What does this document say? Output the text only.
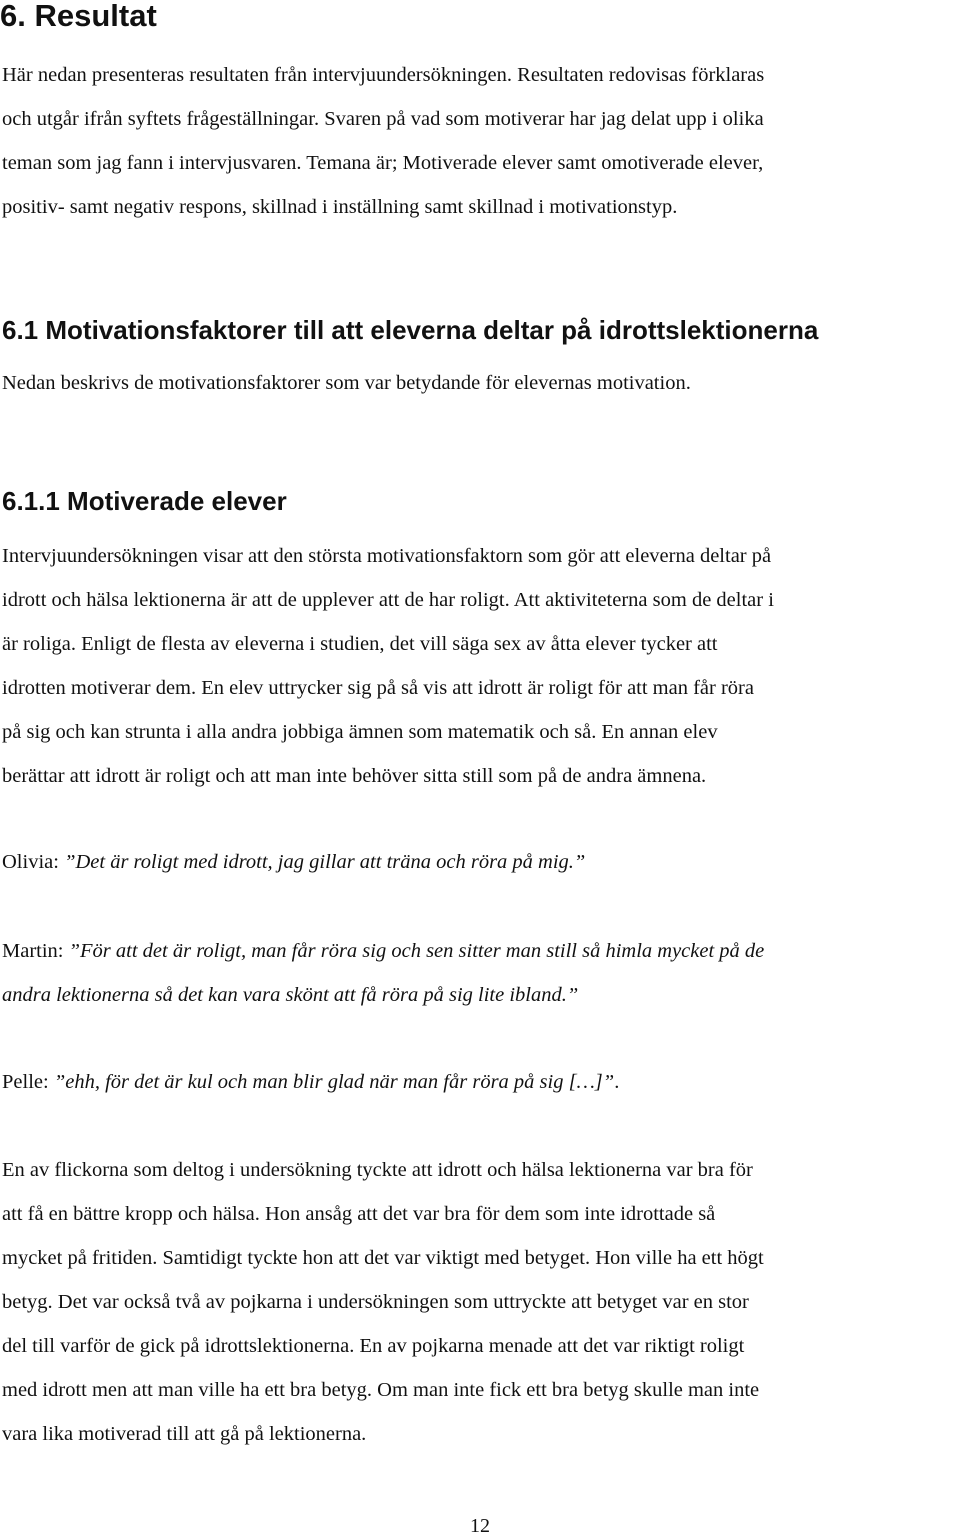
6. Resultat
Här nedan presenteras resultaten från intervjuundersökningen. Resultaten redovisas förklaras
och utgår ifrån syftets frågeställningar. Svaren på vad som motiverar har jag delat upp i olika
teman som jag fann i intervjusvaren. Temana är; Motiverade elever samt omotiverade elever,
positiv- samt negativ respons, skillnad i inställning samt skillnad i motivationstyp.
6.1 Motivationsfaktorer till att eleverna deltar på idrottslektionerna
Nedan beskrivs de motivationsfaktorer som var betydande för elevernas motivation.
6.1.1 Motiverade elever
Intervjuundersökningen visar att den största motivationsfaktorn som gör att eleverna deltar på
idrott och hälsa lektionerna är att de upplever att de har roligt. Att aktiviteterna som de deltar i
är roliga. Enligt de flesta av eleverna i studien, det vill säga sex av åtta elever tycker att
idrotten motiverar dem. En elev uttrycker sig på så vis att idrott är roligt för att man får röra
på sig och kan strunta i alla andra jobbiga ämnen som matematik och så. En annan elev
berättar att idrott är roligt och att man inte behöver sitta still som på de andra ämnena.
Olivia: ”Det är roligt med idrott, jag gillar att träna och röra på mig.”
Martin: ”För att det är roligt, man får röra sig och sen sitter man still så himla mycket på de
andra lektionerna så det kan vara skönt att få röra på sig lite ibland.”
Pelle: ”ehh, för det är kul och man blir glad när man får röra på sig […]”.
En av flickorna som deltog i undersökning tyckte att idrott och hälsa lektionerna var bra för
att få en bättre kropp och hälsa. Hon ansåg att det var bra för dem som inte idrottade så
mycket på fritiden. Samtidigt tyckte hon att det var viktigt med betyget. Hon ville ha ett högt
betyg. Det var också två av pojkarna i undersökningen som uttryckte att betyget var en stor
del till varför de gick på idrottslektionerna. En av pojkarna menade att det var riktigt roligt
med idrott men att man ville ha ett bra betyg. Om man inte fick ett bra betyg skulle man inte
vara lika motiverad till att gå på lektionerna.
12
